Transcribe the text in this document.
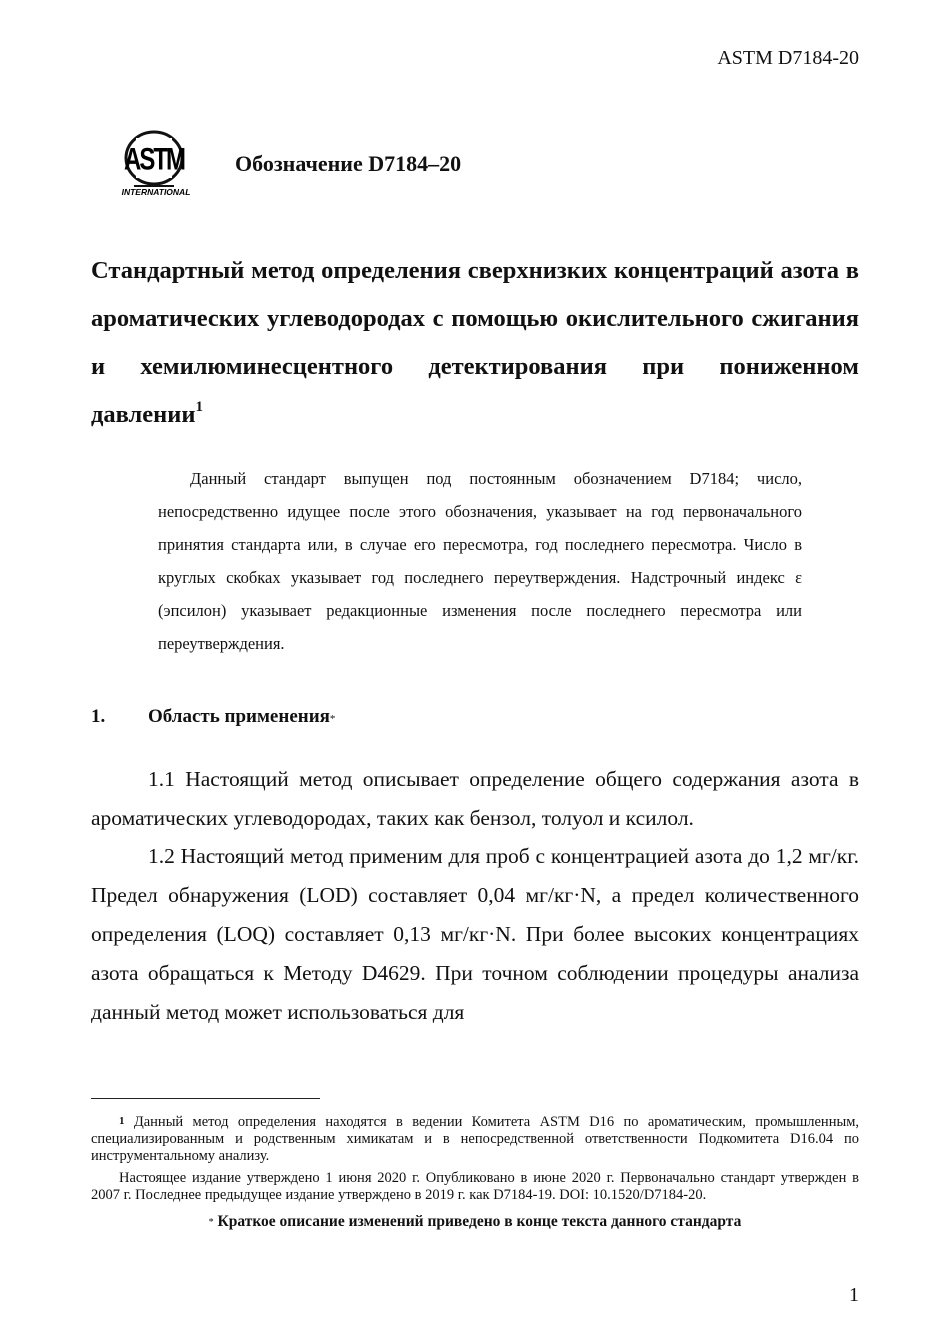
ASTM D7184-20
ASTM
INTERNATIONAL
Обозначение D7184–20

Стандартный метод определения сверхнизких концентраций азота в ароматических углеводородах с помощью окислительного сжигания и хемилюминесцентного детектирования при пониженном давлении$^1$

Данный стандарт выпущен под постоянным обозначением D7184; число, непосредственно идущее после этого обозначения, указывает на год первоначального принятия стандарта или, в случае его пересмотра, год последнего пересмотра. Число в круглых скобках указывает год последнего переутверждения. Надстрочный индекс ε (эпсилон) указывает редакционные изменения после последнего пересмотра или переутверждения.

1. Область применения*

1.1 Настоящий метод описывает определение общего содержания азота в ароматических углеводородах, таких как бензол, толуол и ксилол.

1.2 Настоящий метод применим для проб с концентрацией азота до 1,2 мг/кг. Предел обнаружения (LOD) составляет 0,04 мг/кг·N, а предел количественного определения (LOQ) составляет 0,13 мг/кг·N. При более высоких концентрациях азота обращаться к Методу D4629. При точном соблюдении процедуры анализа данный метод может использоваться для

$^1$ Данный метод определения находятся в ведении Комитета ASTM D16 по ароматическим, промышленным, специализированным и родственным химикатам и в непосредственной ответственности Подкомитета D16.04 по инструментальному анализу.

Настоящее издание утверждено 1 июня 2020 г. Опубликовано в июне 2020 г. Первоначально стандарт утвержден в 2007 г. Последнее предыдущее издание утверждено в 2019 г. как D7184-19. DOI: 10.1520/D7184-20.

* Краткое описание изменений приведено в конце текста данного стандарта

1
